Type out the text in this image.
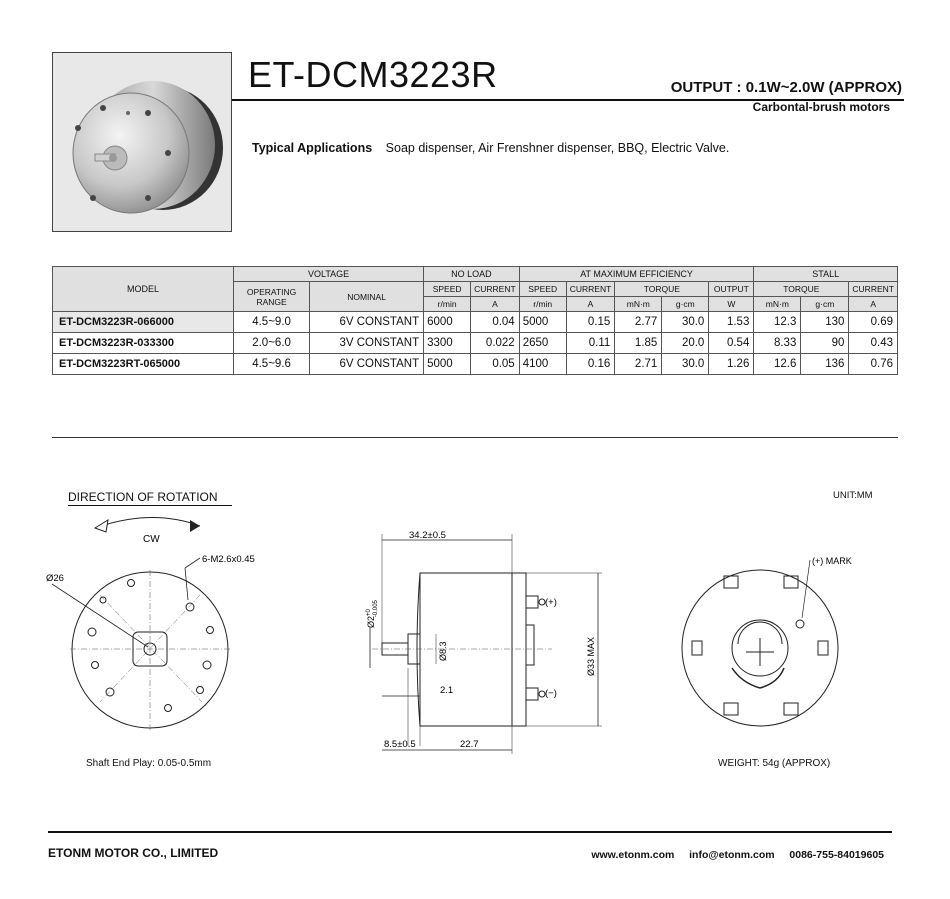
ET-DCM3223R	OUTPUT : 0.1W~2.0W (APPROX)
Carbontal-brush motors
Typical Applications Soap dispenser, Air Frenshner dispenser, BBQ, Electric Valve.
MODEL	VOLTAGE		NO LOAD		AT MAXIMUM EFFICIENCY					STALL		
	OPERATING RANGE	NOMINAL	SPEED	CURRENT	SPEED	CURRENT	TORQUE		OUTPUT	TORQUE		CURRENT
			r/min	A	r/min	A	mN·m	g·cm	W	mN·m	g·cm	A
ET-DCM3223R-066000	4.5~9.0	6V CONSTANT	6000	0.04	5000	0.15	2.77	30.0	1.53	12.3	130	0.69
ET-DCM3223R-033300	2.0~6.0	3V CONSTANT	3300	0.022	2650	0.11	1.85	20.0	0.54	8.33	90	0.43
ET-DCM3223RT-065000	4.5~9.6	6V CONSTANT	5000	0.05	4100	0.16	2.71	30.0	1.26	12.6	136	0.76
DIRECTION OF ROTATION	UNIT:MM
CW
Ø26
6-M2.6x0.45
Shaft End Play: 0.05-0.5mm
34.2±0.5
(+)
(−)
$Ø2^{+0}-0.005$
Ø8.3	Ø33 MAX
2.1
8.5±0.5	22.7
(+) MARK
WEIGHT: 54g (APPROX)
ETONM MOTOR CO., LIMITED	www.etonm.com info@etonm.com 0086-755-84019605
